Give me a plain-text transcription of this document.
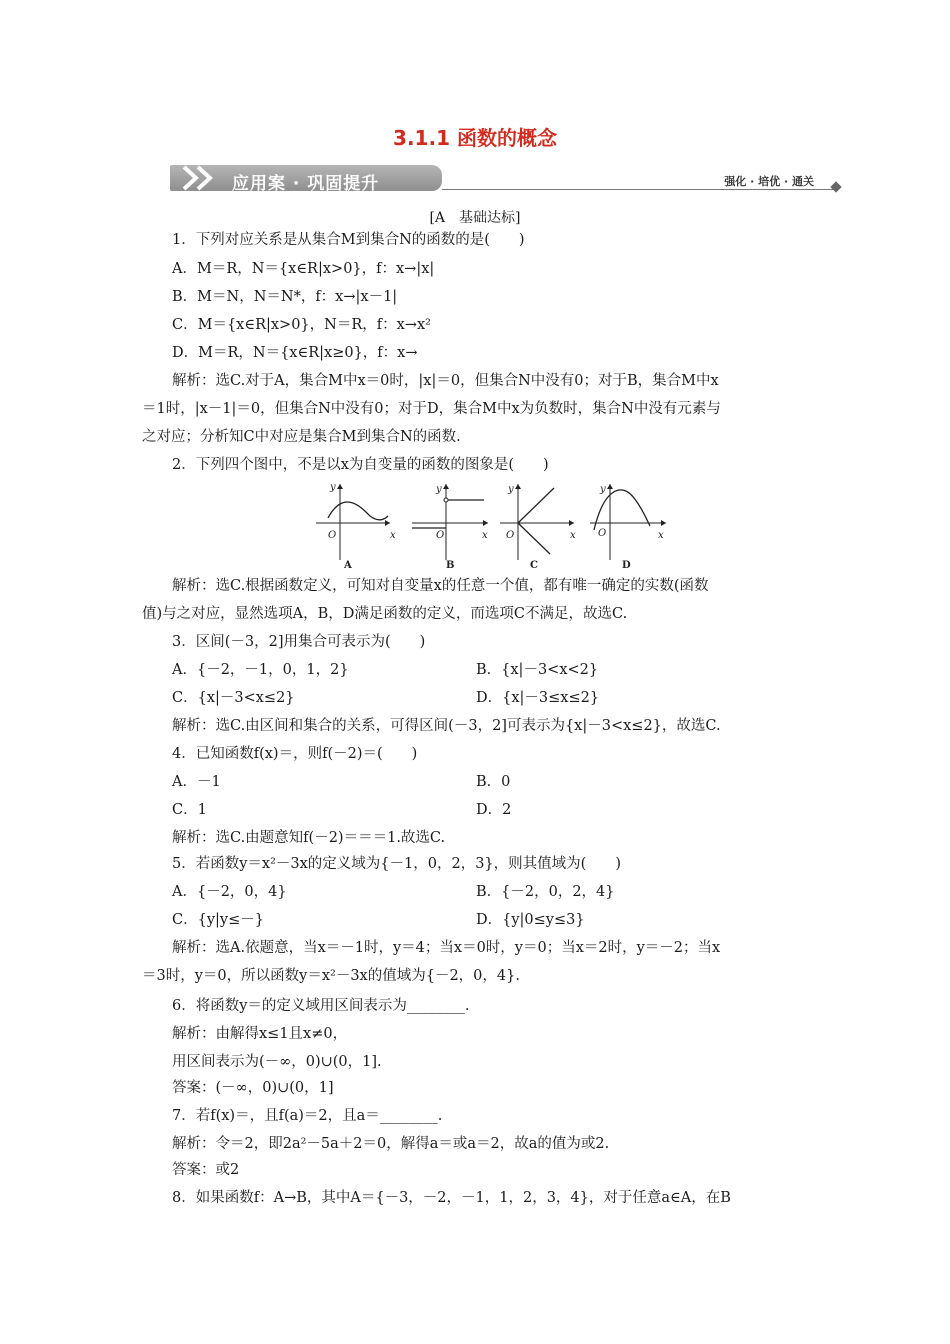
3.1.1 函数的概念
应用案 · 巩固提升	强化 · 培优 · 通关
[A　基础达标]
1．下列对应关系是从集合M到集合N的函数的是(　　)
A．M＝R，N＝{x∈R|x>0}，f：x→|x|
B．M＝N，N＝N*，f：x→|x－1|
C．M＝{x∈R|x>0}，N＝R，f：x→x²
D．M＝R，N＝{x∈R|x≥0}，f：x→
解析：选C.对于A，集合M中x＝0时，|x|＝0，但集合N中没有0；对于B，集合M中x
＝1时，|x－1|＝0，但集合N中没有0；对于D，集合M中x为负数时，集合N中没有元素与
之对应；分析知C中对应是集合M到集合N的函数.
2．下列四个图中，不是以x为自变量的函数的图象是(　　)
y
x
O
A
y
x
O
B
y
x
O
C
y
x
O
D
解析：选C.根据函数定义，可知对自变量x的任意一个值，都有唯一确定的实数(函数
值)与之对应，显然选项A，B，D满足函数的定义，而选项C不满足，故选C.
3．区间(－3，2]用集合可表示为(　　)
A．{－2，－1，0，1，2}	B．{x|－3<x<2}
C．{x|－3<x≤2}	D．{x|－3≤x≤2}
解析：选C.由区间和集合的关系，可得区间(－3，2]可表示为{x|－3<x≤2}，故选C.
4．已知函数f(x)＝，则f(－2)＝(　　)
A．－1	B．0
C．1	D．2
解析：选C.由题意知f(－2)＝＝＝1.故选C.
5．若函数y＝x²－3x的定义域为{－1，0，2，3}，则其值域为(　　)
A．{－2，0，4}	B．{－2，0，2，4}
C．{y|y≤－}	D．{y|0≤y≤3}
解析：选A.依题意，当x＝－1时，y＝4；当x＝0时，y＝0；当x＝2时，y＝－2；当x
＝3时，y＝0，所以函数y＝x²－3x的值域为{－2，0，4}.
6．将函数y＝的定义域用区间表示为________.
解析：由解得x≤1且x≠0，
用区间表示为(－∞，0)∪(0，1].
答案：(－∞，0)∪(0，1]
7．若f(x)＝，且f(a)＝2，且a＝________.
解析：令＝2，即2a²－5a＋2＝0，解得a＝或a＝2，故a的值为或2.
答案：或2
8．如果函数f：A→B，其中A＝{－3，－2，－1，1，2，3，4}，对于任意a∈A，在B
